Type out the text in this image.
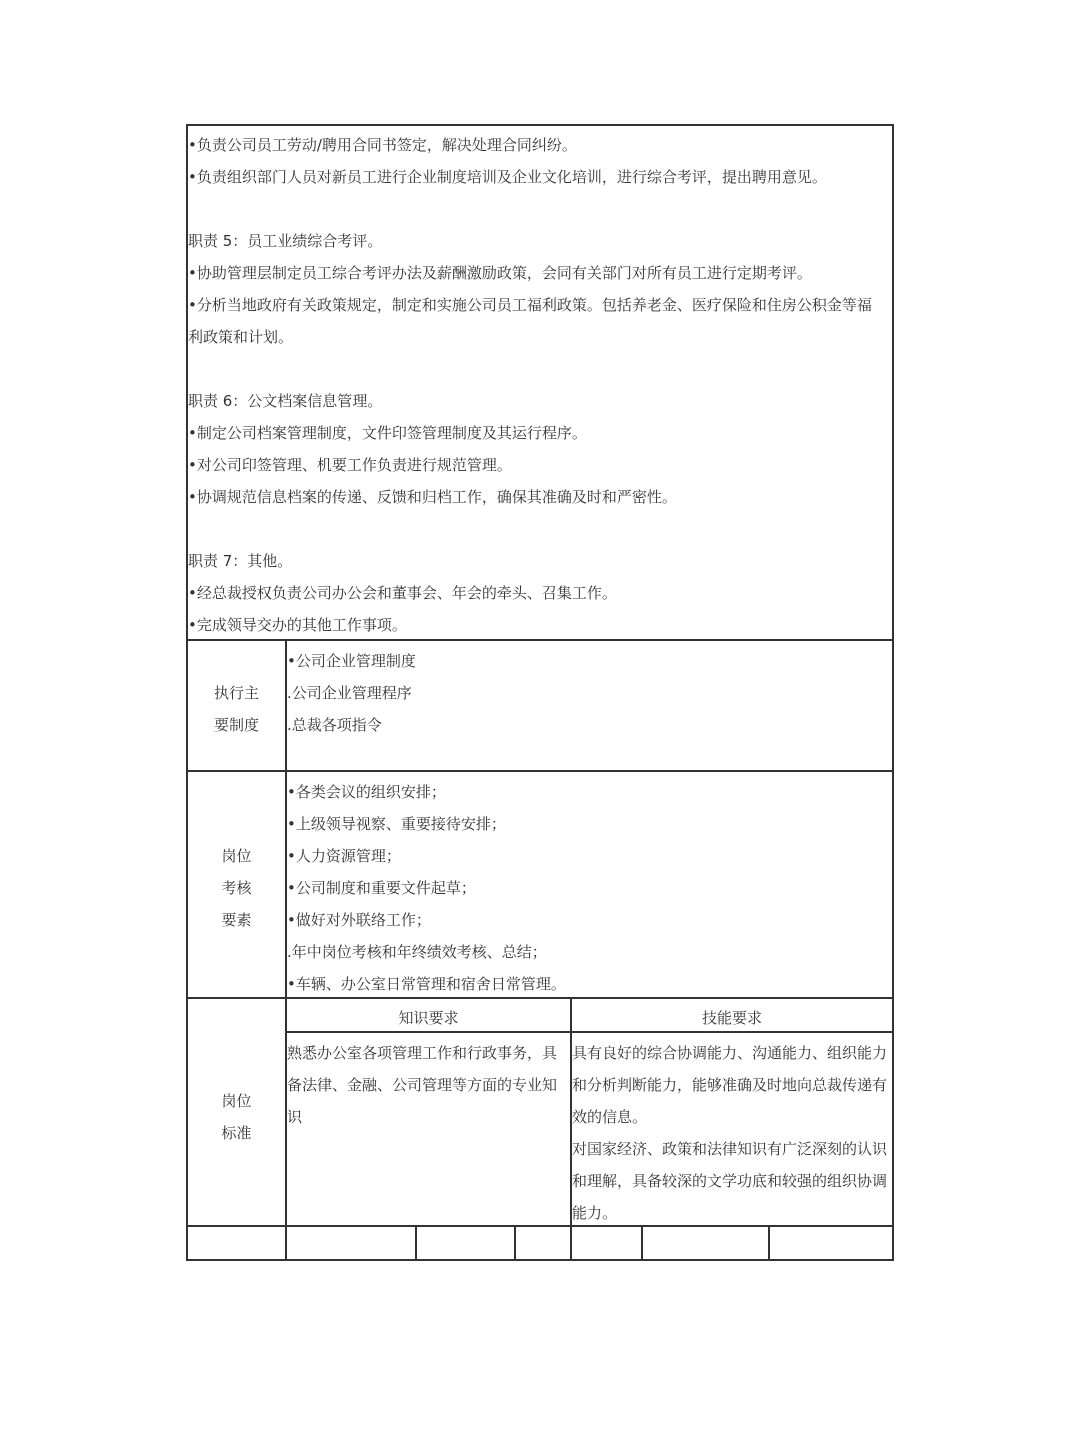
•负责公司员工劳动/聘用合同书签定，解决处理合同纠纷。
•负责组织部门人员对新员工进行企业制度培训及企业文化培训，进行综合考评，提出聘用意见。
职责 5：员工业绩综合考评。
•协助管理层制定员工综合考评办法及薪酬激励政策，会同有关部门对所有员工进行定期考评。
•分析当地政府有关政策规定，制定和实施公司员工福利政策。包括养老金、医疗保险和住房公积金等福
利政策和计划。
职责 6：公文档案信息管理。
•制定公司档案管理制度，文件印签管理制度及其运行程序。
•对公司印签管理、机要工作负责进行规范管理。
•协调规范信息档案的传递、反馈和归档工作，确保其准确及时和严密性。
职责 7：其他。
•经总裁授权负责公司办公会和董事会、年会的牵头、召集工作。
•完成领导交办的其他工作事项。
执行主
要制度
•公司企业管理制度
.公司企业管理程序
.总裁各项指令
岗位
考核
要素
•各类会议的组织安排；
•上级领导视察、重要接待安排；
•人力资源管理；
•公司制度和重要文件起草；
•做好对外联络工作；
.年中岗位考核和年终绩效考核、总结；
•车辆、办公室日常管理和宿舍日常管理。
岗位
标准
知识要求	技能要求
熟悉办公室各项管理工作和行政事务，具
备法律、金融、公司管理等方面的专业知
识
具有良好的综合协调能力、沟通能力、组织能力
和分析判断能力，能够准确及时地向总裁传递有
效的信息。
对国家经济、政策和法律知识有广泛深刻的认识
和理解，具备较深的文学功底和较强的组织协调
能力。
